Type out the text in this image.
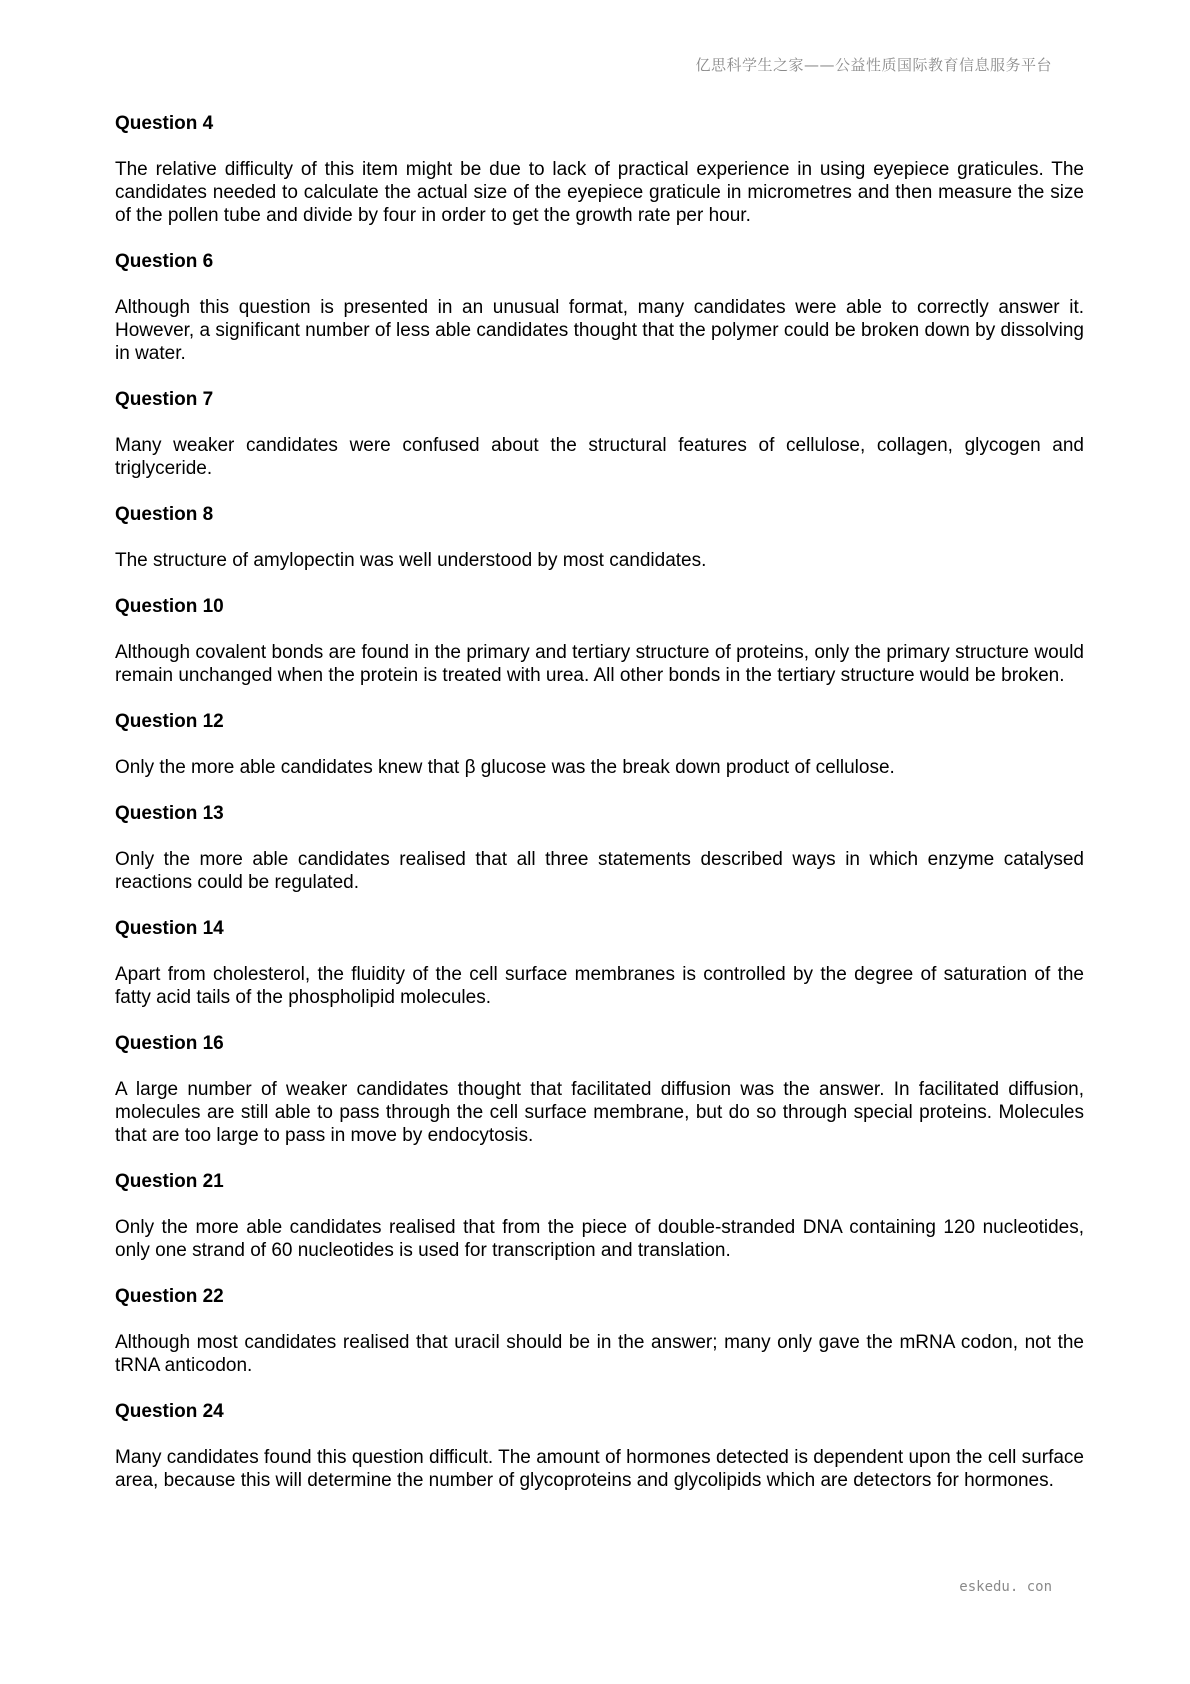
亿思科学生之家——公益性质国际教育信息服务平台

Question 4

The relative difficulty of this item might be due to lack of practical experience in using eyepiece graticules. The candidates needed to calculate the actual size of the eyepiece graticule in micrometres and then measure the size of the pollen tube and divide by four in order to get the growth rate per hour.

Question 6

Although this question is presented in an unusual format, many candidates were able to correctly answer it. However, a significant number of less able candidates thought that the polymer could be broken down by dissolving in water.

Question 7

Many weaker candidates were confused about the structural features of cellulose, collagen, glycogen and triglyceride.

Question 8

The structure of amylopectin was well understood by most candidates.

Question 10

Although covalent bonds are found in the primary and tertiary structure of proteins, only the primary structure would remain unchanged when the protein is treated with urea. All other bonds in the tertiary structure would be broken.

Question 12

Only the more able candidates knew that β glucose was the break down product of cellulose.

Question 13

Only the more able candidates realised that all three statements described ways in which enzyme catalysed reactions could be regulated.

Question 14

Apart from cholesterol, the fluidity of the cell surface membranes is controlled by the degree of saturation of the fatty acid tails of the phospholipid molecules.

Question 16

A large number of weaker candidates thought that facilitated diffusion was the answer. In facilitated diffusion, molecules are still able to pass through the cell surface membrane, but do so through special proteins. Molecules that are too large to pass in move by endocytosis.

Question 21

Only the more able candidates realised that from the piece of double-stranded DNA containing 120 nucleotides, only one strand of 60 nucleotides is used for transcription and translation.

Question 22

Although most candidates realised that uracil should be in the answer; many only gave the mRNA codon, not the tRNA anticodon.

Question 24

Many candidates found this question difficult. The amount of hormones detected is dependent upon the cell surface area, because this will determine the number of glycoproteins and glycolipids which are detectors for hormones.

eskedu. con
